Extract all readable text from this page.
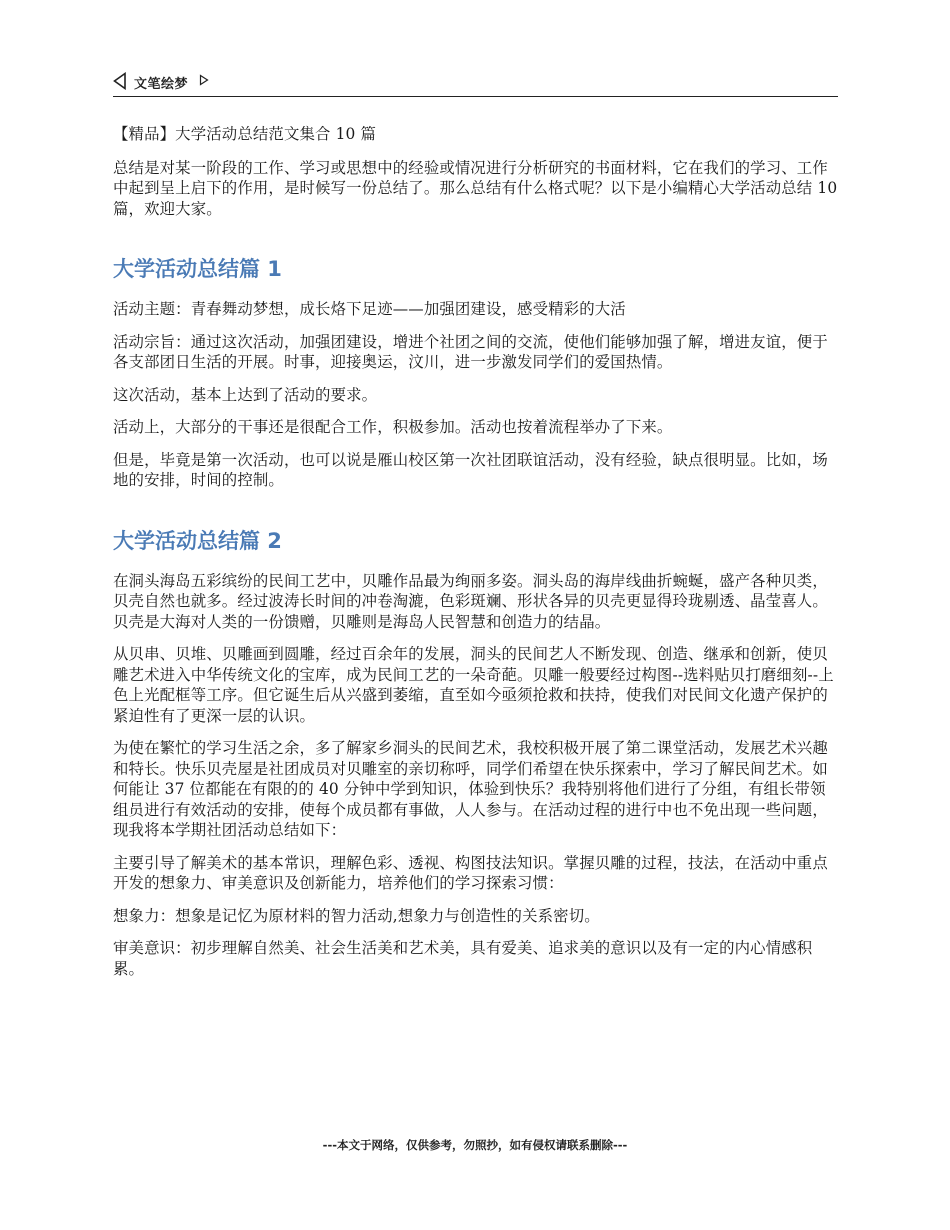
文笔绘梦

【精品】大学活动总结范文集合 10 篇

总结是对某一阶段的工作、学习或思想中的经验或情况进行分析研究的书面材料，它在我们的学习、工作中起到呈上启下的作用，是时候写一份总结了。那么总结有什么格式呢？以下是小编精心大学活动总结 10 篇，欢迎大家。

大学活动总结篇 1

活动主题：青春舞动梦想，成长烙下足迹——加强团建设，感受精彩的大活

活动宗旨：通过这次活动，加强团建设，增进个社团之间的交流，使他们能够加强了解，增进友谊，便于各支部团日生活的开展。时事，迎接奥运，汶川，进一步激发同学们的爱国热情。

这次活动，基本上达到了活动的要求。

活动上，大部分的干事还是很配合工作，积极参加。活动也按着流程举办了下来。

但是，毕竟是第一次活动，也可以说是雁山校区第一次社团联谊活动，没有经验，缺点很明显。比如，场地的安排，时间的控制。

大学活动总结篇 2

在洞头海岛五彩缤纷的民间工艺中，贝雕作品最为绚丽多姿。洞头岛的海岸线曲折蜿蜒，盛产各种贝类，贝壳自然也就多。经过波涛长时间的冲卷淘漉，色彩斑斓、形状各异的贝壳更显得玲珑剔透、晶莹喜人。贝壳是大海对人类的一份馈赠，贝雕则是海岛人民智慧和创造力的结晶。

从贝串、贝堆、贝雕画到圆雕，经过百余年的发展，洞头的民间艺人不断发现、创造、继承和创新，使贝雕艺术进入中华传统文化的宝库，成为民间工艺的一朵奇葩。贝雕一般要经过构图--选料贴贝打磨细刻--上色上光配框等工序。但它诞生后从兴盛到萎缩，直至如今亟须抢救和扶持，使我们对民间文化遗产保护的紧迫性有了更深一层的认识。

为使在繁忙的学习生活之余，多了解家乡洞头的民间艺术，我校积极开展了第二课堂活动，发展艺术兴趣和特长。快乐贝壳屋是社团成员对贝雕室的亲切称呼，同学们希望在快乐探索中，学习了解民间艺术。如何能让 37 位都能在有限的的 40 分钟中学到知识，体验到快乐？我特别将他们进行了分组，有组长带领组员进行有效活动的安排，使每个成员都有事做，人人参与。在活动过程的进行中也不免出现一些问题，现我将本学期社团活动总结如下：

主要引导了解美术的基本常识，理解色彩、透视、构图技法知识。掌握贝雕的过程，技法，在活动中重点开发的想象力、审美意识及创新能力，培养他们的学习探索习惯：

想象力：想象是记忆为原材料的智力活动,想象力与创造性的关系密切。

审美意识：初步理解自然美、社会生活美和艺术美，具有爱美、追求美的意识以及有一定的内心情感积累。

---本文于网络，仅供参考，勿照抄，如有侵权请联系删除---
